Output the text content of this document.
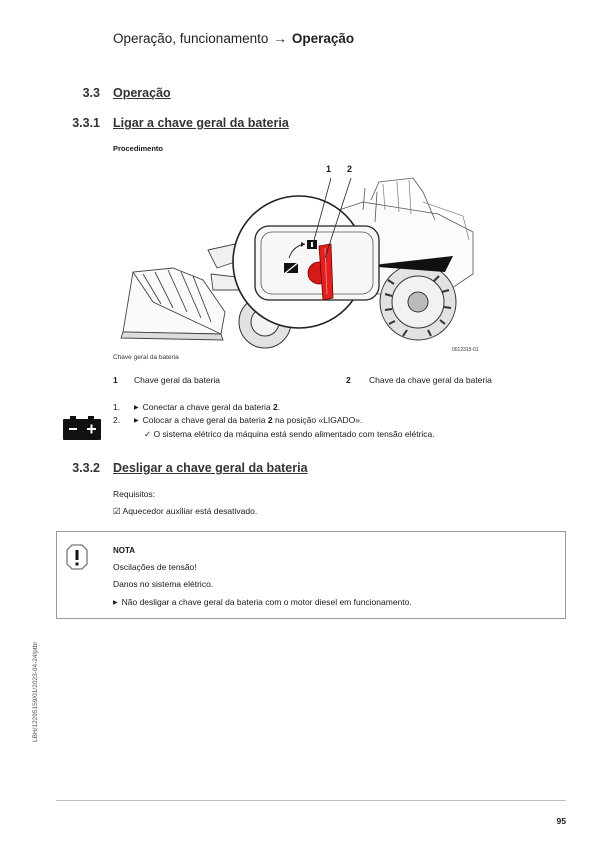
Operação, funcionamento → Operação
3.3 Operação
3.3.1 Ligar a chave geral da bateria
Procedimento
1 2
0012315-01
Chave geral da bateria
1 Chave geral da bateria	2 Chave da chave geral da bateria
1. ▶ Conectar a chave geral da bateria 2.
2. ▶ Colocar a chave geral da bateria 2 na posição «LIGADO».
✓ O sistema elétrico da máquina está sendo alimentado com tensão elétrica.
3.3.2 Desligar a chave geral da bateria
Requisitos:
☑ Aquecedor auxiliar está desativado.
NOTA
Oscilações de tensão!
Danos no sistema elétrico.
▶ Não desligar a chave geral da bateria com o motor diesel em funcionamento.
LBH/12295159/01/2023-04-24/ptbr
95
